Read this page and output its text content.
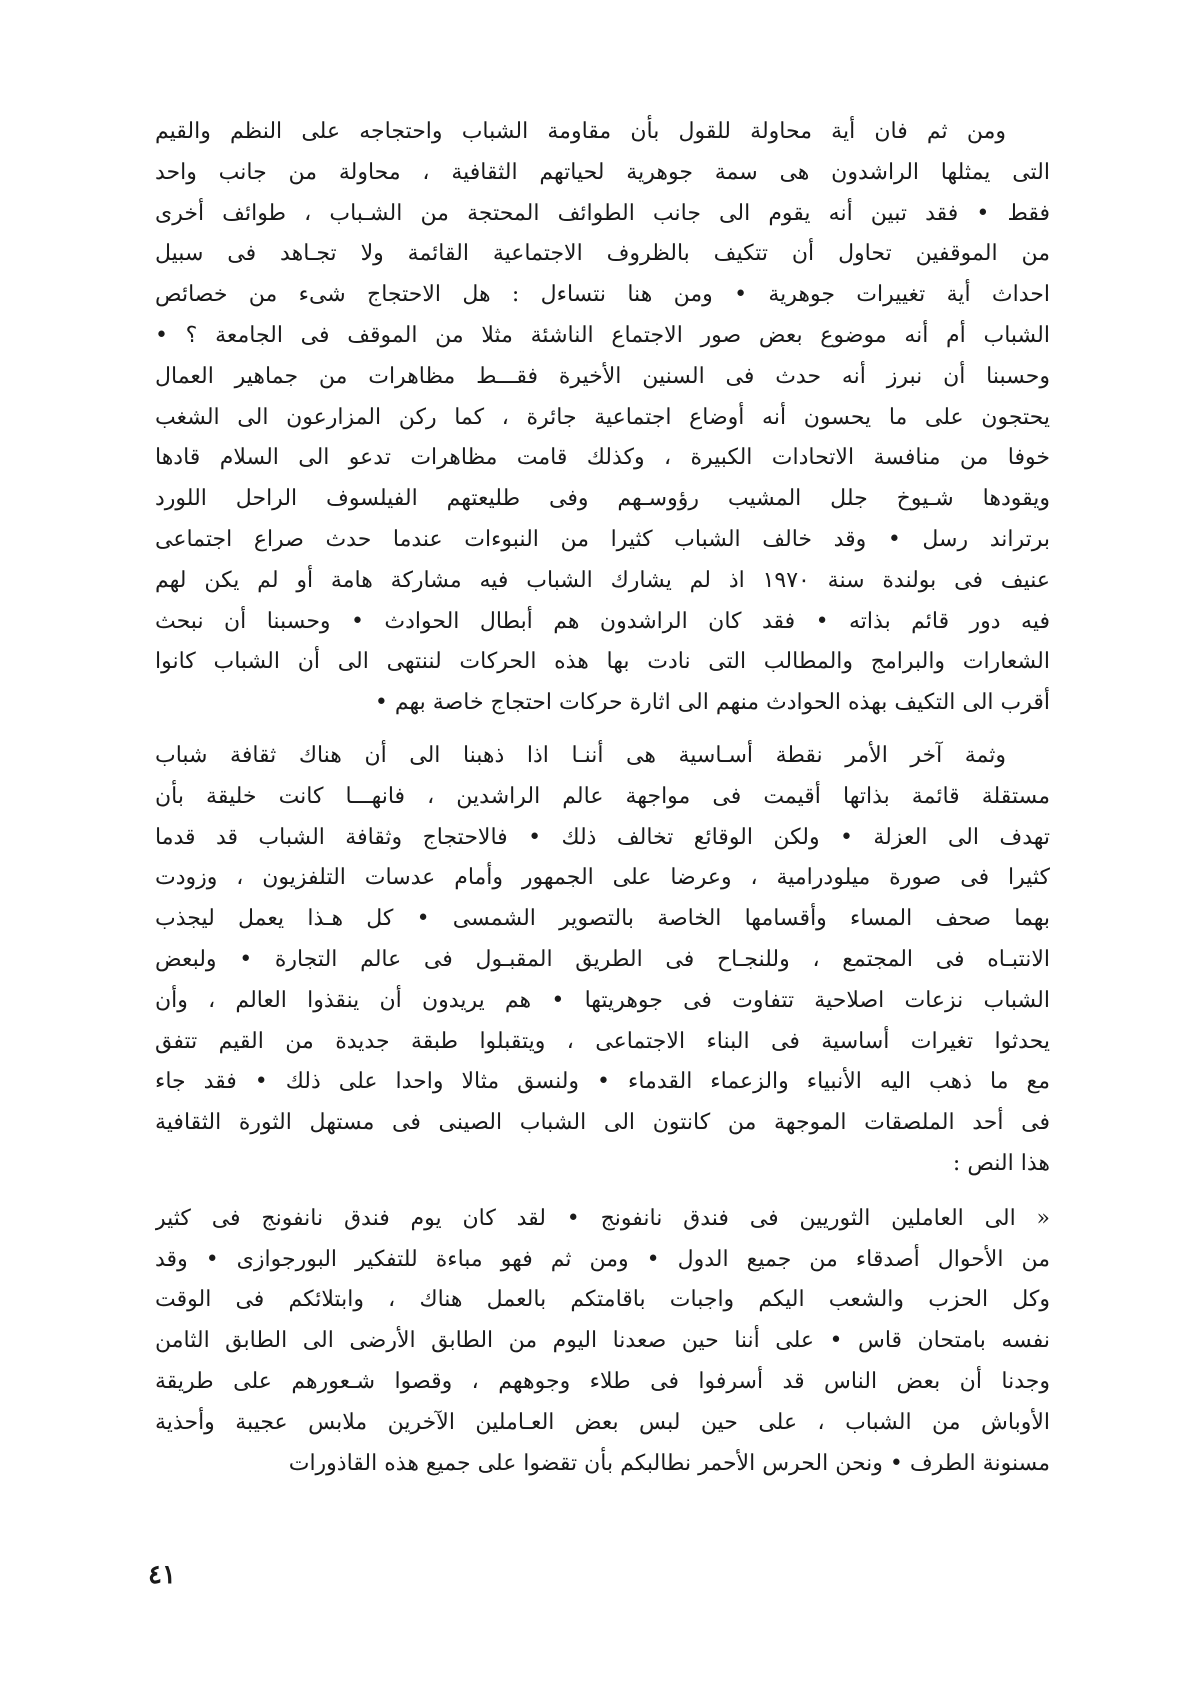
ومن ثم فان أية محاولة للقول بأن مقاومة الشباب واحتجاجه على النظم والقيم
التى يمثلها الراشدون هى سمة جوهرية لحياتهم الثقافية ، محاولة من جانب واحد
فقط • فقد تبين أنه يقوم الى جانب الطوائف المحتجة من الشـباب ، طوائف أخرى
من الموقفين تحاول أن تتكيف بالظروف الاجتماعية القائمة ولا تجـاهد فى سبيل
احداث أية تغييرات جوهرية • ومن هنا نتساءل : هل الاحتجاج شىء من خصائص
الشباب أم أنه موضوع بعض صور الاجتماع الناشئة مثلا من الموقف فى الجامعة ؟ •
وحسبنا أن نبرز أنه حدث فى السنين الأخيرة فقـــط مظاهرات من جماهير العمال
يحتجون على ما يحسون أنه أوضاع اجتماعية جائرة ، كما ركن المزارعون الى الشغب
خوفا من منافسة الاتحادات الكبيرة ، وكذلك قامت مظاهرات تدعو الى السلام قادها
ويقودها شـيوخ جلل المشيب رؤوسـهم وفى طليعتهم الفيلسوف الراحل اللورد
برتراند رسل • وقد خالف الشباب كثيرا من النبوءات عندما حدث صراع اجتماعى
عنيف فى بولندة سنة ١٩٧٠ اذ لم يشارك الشباب فيه مشاركة هامة أو لم يكن لهم
فيه دور قائم بذاته • فقد كان الراشدون هم أبطال الحوادث • وحسبنا أن نبحث
الشعارات والبرامج والمطالب التى نادت بها هذه الحركات لننتهى الى أن الشباب كانوا
أقرب الى التكيف بهذه الحوادث منهم الى اثارة حركات احتجاج خاصة بهم •
وثمة آخر الأمر نقطة أسـاسية هى أننـا اذا ذهبنا الى أن هناك ثقافة شباب
مستقلة قائمة بذاتها أقيمت فى مواجهة عالم الراشدين ، فانهـــا كانت خليقة بأن
تهدف الى العزلة • ولكن الوقائع تخالف ذلك • فالاحتجاج وثقافة الشباب قد قدما
كثيرا فى صورة ميلودرامية ، وعرضا على الجمهور وأمام عدسات التلفزيون ، وزودت
بهما صحف المساء وأقسامها الخاصة بالتصوير الشمسى • كل هـذا يعمل ليجذب
الانتبـاه فى المجتمع ، وللنجـاح فى الطريق المقبـول فى عالم التجارة • ولبعض
الشباب نزعات اصلاحية تتفاوت فى جوهريتها • هم يريدون أن ينقذوا العالم ، وأن
يحدثوا تغيرات أساسية فى البناء الاجتماعى ، ويتقبلوا طبقة جديدة من القيم تتفق
مع ما ذهب اليه الأنبياء والزعماء القدماء • ولنسق مثالا واحدا على ذلك • فقد جاء
فى أحد الملصقات الموجهة من كانتون الى الشباب الصينى فى مستهل الثورة الثقافية
هذا النص :
« الى العاملين الثوريين فى فندق نانفونج • لقد كان يوم فندق نانفونج فى كثير
من الأحوال أصدقاء من جميع الدول • ومن ثم فهو مباءة للتفكير البورجوازى • وقد
وكل الحزب والشعب اليكم واجبات باقامتكم بالعمل هناك ، وابتلائكم فى الوقت
نفسه بامتحان قاس • على أننا حين صعدنا اليوم من الطابق الأرضى الى الطابق الثامن
وجدنا أن بعض الناس قد أسرفوا فى طلاء وجوههم ، وقصوا شـعورهم على طريقة
الأوباش من الشباب ، على حين لبس بعض العـاملين الآخرين ملابس عجيبة وأحذية
مسنونة الطرف • ونحن الحرس الأحمر نطالبكم بأن تقضوا على جميع هذه القاذورات
٤١
